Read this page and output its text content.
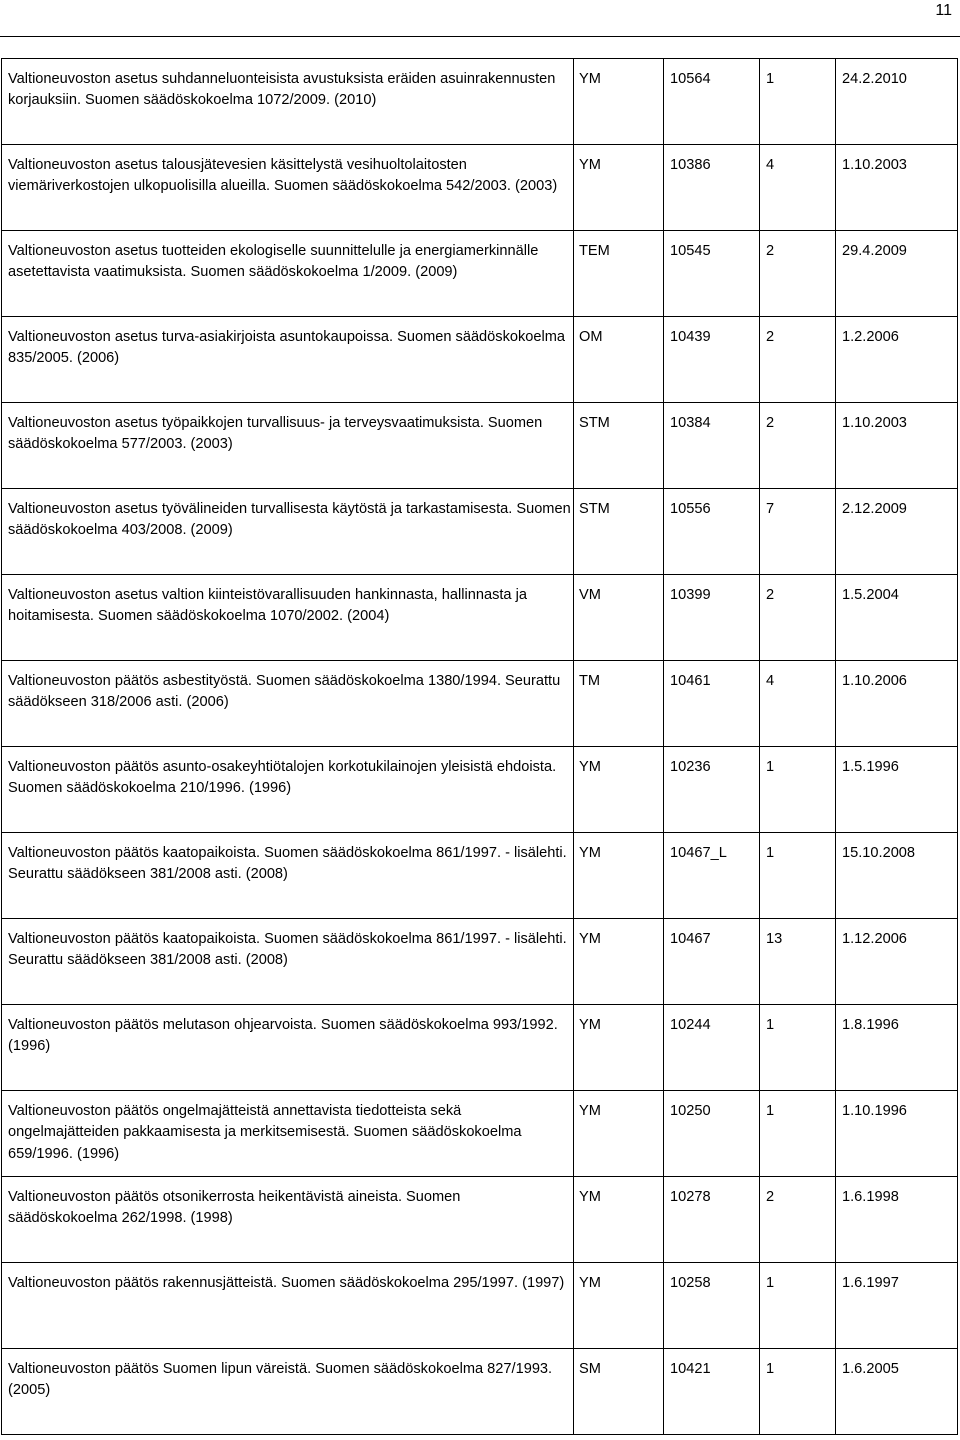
11
Valtioneuvoston asetus suhdanneluonteisista avustuksista eräiden asuinrakennusten korjauksiin. Suomen säädöskokoelma 1072/2009. (2010)	YM	10564	1	24.2.2010
Valtioneuvoston asetus talousjätevesien käsittelystä vesihuoltolaitosten viemäriverkostojen ulkopuolisilla alueilla. Suomen säädöskokoelma 542/2003. (2003)	YM	10386	4	1.10.2003
Valtioneuvoston asetus tuotteiden ekologiselle suunnittelulle ja energiamerkinnälle asetettavista vaatimuksista. Suomen säädöskokoelma 1/2009. (2009)	TEM	10545	2	29.4.2009
Valtioneuvoston asetus turva-asiakirjoista asuntokaupoissa. Suomen säädöskokoelma 835/2005. (2006)	OM	10439	2	1.2.2006
Valtioneuvoston asetus työpaikkojen turvallisuus- ja terveysvaatimuksista. Suomen säädöskokoelma 577/2003. (2003)	STM	10384	2	1.10.2003
Valtioneuvoston asetus työvälineiden turvallisesta käytöstä ja tarkastamisesta. Suomen säädöskokoelma 403/2008. (2009)	STM	10556	7	2.12.2009
Valtioneuvoston asetus valtion kiinteistövarallisuuden hankinnasta, hallinnasta ja hoitamisesta. Suomen säädöskokoelma 1070/2002. (2004)	VM	10399	2	1.5.2004
Valtioneuvoston päätös asbestityöstä. Suomen säädöskokoelma 1380/1994. Seurattu säädökseen 318/2006 asti. (2006)	TM	10461	4	1.10.2006
Valtioneuvoston päätös asunto-osakeyhtiötalojen korkotukilainojen yleisistä ehdoista. Suomen säädöskokoelma 210/1996. (1996)	YM	10236	1	1.5.1996
Valtioneuvoston päätös kaatopaikoista. Suomen säädöskokoelma 861/1997. - lisälehti. Seurattu säädökseen 381/2008 asti. (2008)	YM	10467_L	1	15.10.2008
Valtioneuvoston päätös kaatopaikoista. Suomen säädöskokoelma 861/1997. - lisälehti. Seurattu säädökseen 381/2008 asti. (2008)	YM	10467	13	1.12.2006
Valtioneuvoston päätös melutason ohjearvoista. Suomen säädöskokoelma 993/1992. (1996)	YM	10244	1	1.8.1996
Valtioneuvoston päätös ongelmajätteistä annettavista tiedotteista sekä ongelmajätteiden pakkaamisesta ja merkitsemisestä. Suomen säädöskokoelma 659/1996. (1996)	YM	10250	1	1.10.1996
Valtioneuvoston päätös otsonikerrosta heikentävistä aineista. Suomen säädöskokoelma 262/1998. (1998)	YM	10278	2	1.6.1998
Valtioneuvoston päätös rakennusjätteistä. Suomen säädöskokoelma 295/1997. (1997)	YM	10258	1	1.6.1997
Valtioneuvoston päätös Suomen lipun väreistä. Suomen säädöskokoelma 827/1993. (2005)	SM	10421	1	1.6.2005
